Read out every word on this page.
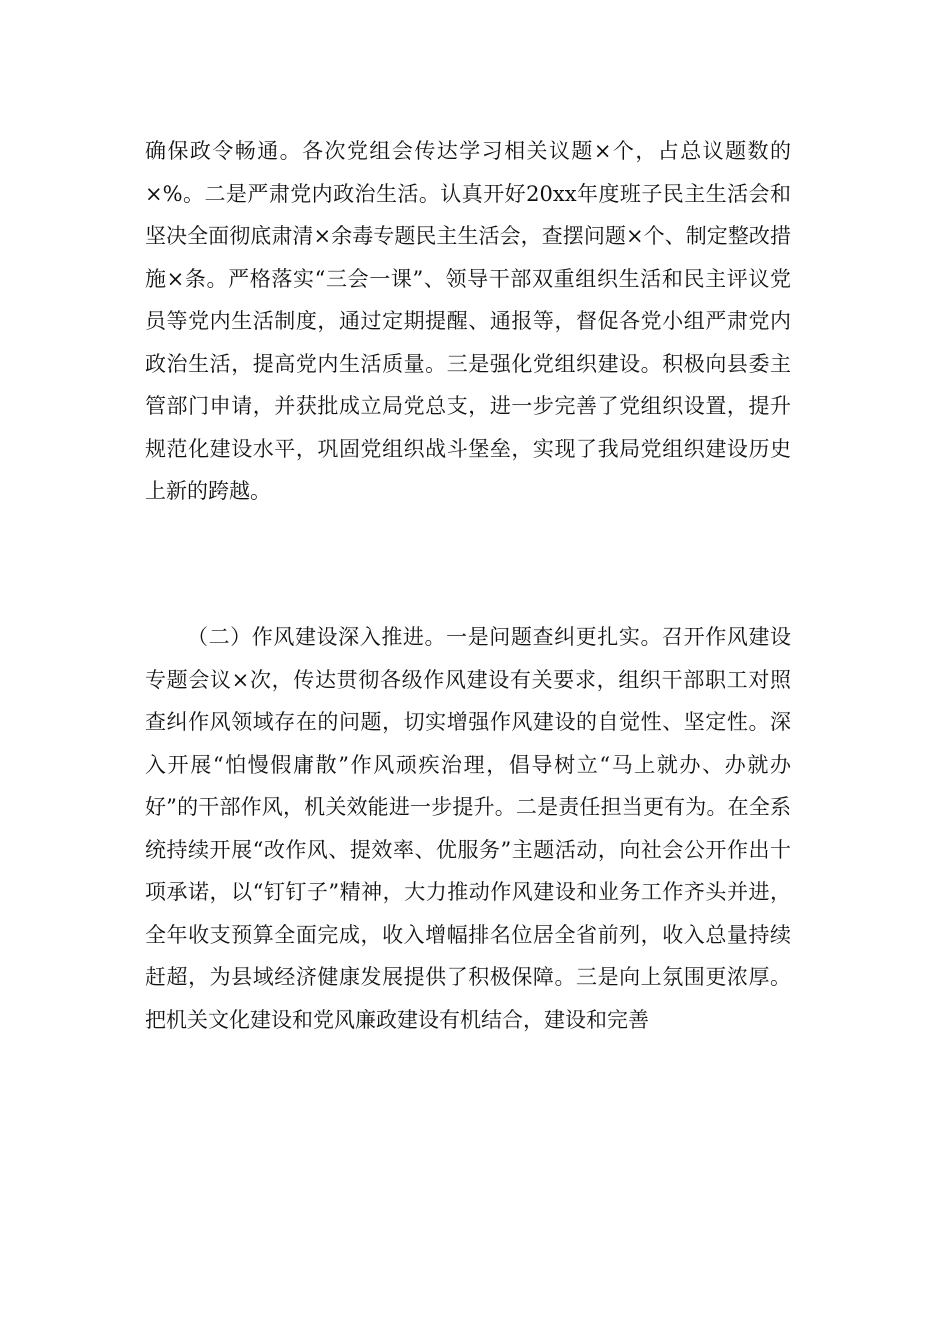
确保政令畅通。各次党组会传达学习相关议题×个，占总议题数的×%。二是严肃党内政治生活。认真开好20xx年度班子民主生活会和坚决全面彻底肃清×余毒专题民主生活会，查摆问题×个、制定整改措施×条。严格落实“三会一课”、领导干部双重组织生活和民主评议党员等党内生活制度，通过定期提醒、通报等，督促各党小组严肃党内政治生活，提高党内生活质量。三是强化党组织建设。积极向县委主管部门申请，并获批成立局党总支，进一步完善了党组织设置，提升规范化建设水平，巩固党组织战斗堡垒，实现了我局党组织建设历史上新的跨越。

（二）作风建设深入推进。一是问题查纠更扎实。召开作风建设专题会议×次，传达贯彻各级作风建设有关要求，组织干部职工对照查纠作风领域存在的问题，切实增强作风建设的自觉性、坚定性。深入开展“怕慢假庸散”作风顽疾治理，倡导树立“马上就办、办就办好”的干部作风，机关效能进一步提升。二是责任担当更有为。在全系统持续开展“改作风、提效率、优服务”主题活动，向社会公开作出十项承诺，以“钉钉子”精神，大力推动作风建设和业务工作齐头并进，全年收支预算全面完成，收入增幅排名位居全省前列，收入总量持续赶超，为县域经济健康发展提供了积极保障。三是向上氛围更浓厚。把机关文化建设和党风廉政建设有机结合，建设和完善
